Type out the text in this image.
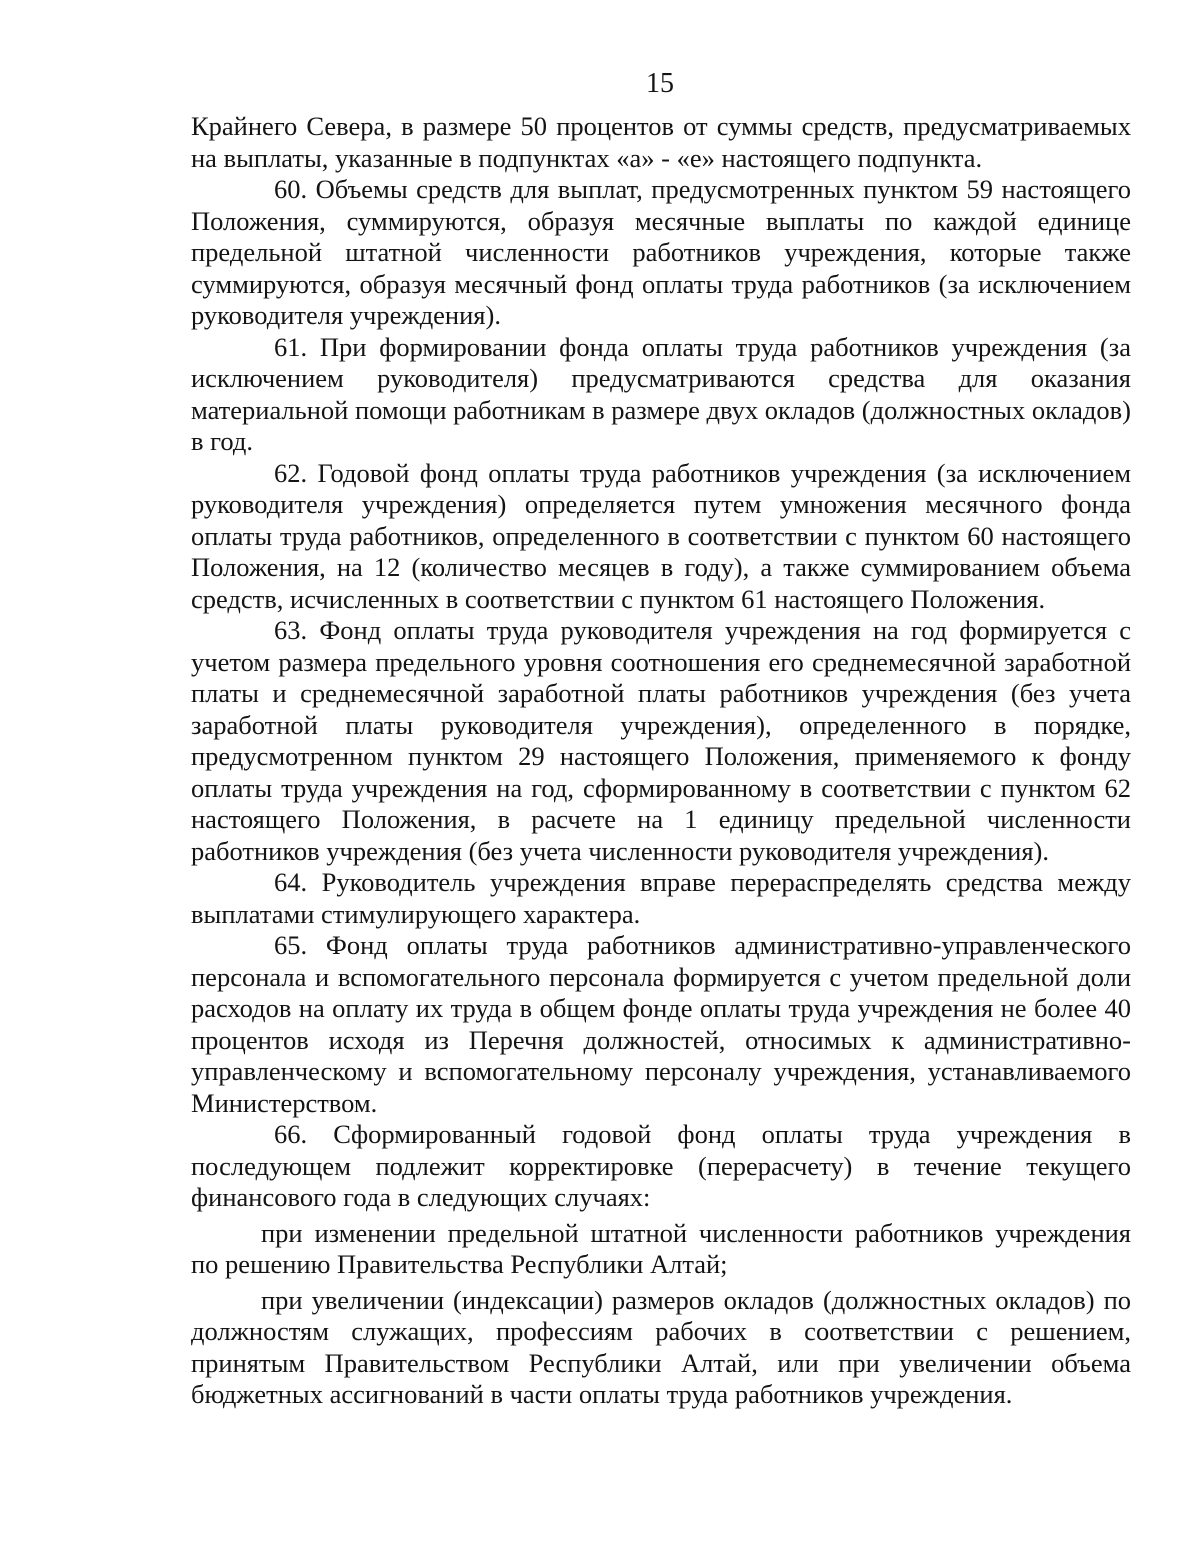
15

Крайнего Севера, в размере 50 процентов от суммы средств, предусматриваемых на выплаты, указанные в подпунктах «а» - «е» настоящего подпункта.

60. Объемы средств для выплат, предусмотренных пунктом 59 настоящего Положения, суммируются, образуя месячные выплаты по каждой единице предельной штатной численности работников учреждения, которые также суммируются, образуя месячный фонд оплаты труда работников (за исключением руководителя учреждения).

61. При формировании фонда оплаты труда работников учреждения (за исключением руководителя) предусматриваются средства для оказания материальной помощи работникам в размере двух окладов (должностных окладов) в год.

62. Годовой фонд оплаты труда работников учреждения (за исключением руководителя учреждения) определяется путем умножения месячного фонда оплаты труда работников, определенного в соответствии с пунктом 60 настоящего Положения, на 12 (количество месяцев в году), а также суммированием объема средств, исчисленных в соответствии с пунктом 61 настоящего Положения.

63. Фонд оплаты труда руководителя учреждения на год формируется с учетом размера предельного уровня соотношения его среднемесячной заработной платы и среднемесячной заработной платы работников учреждения (без учета заработной платы руководителя учреждения), определенного в порядке, предусмотренном пунктом 29 настоящего Положения, применяемого к фонду оплаты труда учреждения на год, сформированному в соответствии с пунктом 62 настоящего Положения, в расчете на 1 единицу предельной численности работников учреждения (без учета численности руководителя учреждения).

64. Руководитель учреждения вправе перераспределять средства между выплатами стимулирующего характера.

65. Фонд оплаты труда работников административно-управленческого персонала и вспомогательного персонала формируется с учетом предельной доли расходов на оплату их труда в общем фонде оплаты труда учреждения не более 40 процентов исходя из Перечня должностей, относимых к административно-управленческому и вспомогательному персоналу учреждения, устанавливаемого Министерством.

66. Сформированный годовой фонд оплаты труда учреждения в последующем подлежит корректировке (перерасчету) в течение текущего финансового года в следующих случаях:

при изменении предельной штатной численности работников учреждения по решению Правительства Республики Алтай;

при увеличении (индексации) размеров окладов (должностных окладов) по должностям служащих, профессиям рабочих в соответствии с решением, принятым Правительством Республики Алтай, или при увеличении объема бюджетных ассигнований в части оплаты труда работников учреждения.
